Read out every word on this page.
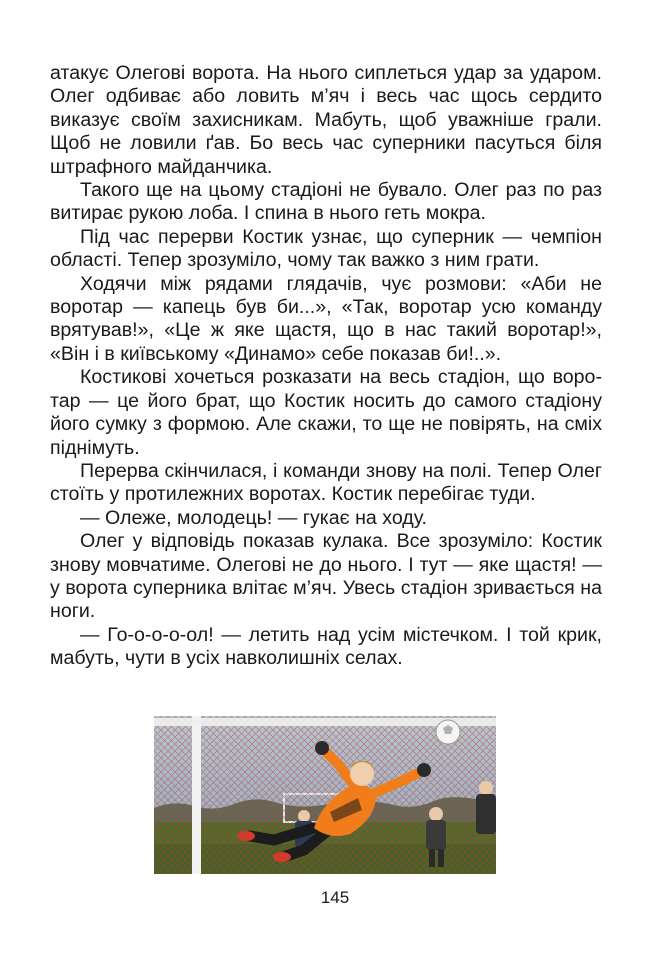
атакує Олегові ворота. На нього сиплеться удар за ударом. Олег одбиває або ловить м’яч і весь час щось сердито виказує своїм захисникам. Мабуть, щоб уважніше грали. Щоб не ловили ґав. Бо весь час суперники пасуться біля штрафного майданчика.

Такого ще на цьому стадіоні не бувало. Олег раз по раз витирає рукою лоба. І спина в нього геть мокра.

Під час перерви Костик узнає, що суперник — чемпіон області. Тепер зрозуміло, чому так важко з ним грати.

Ходячи між рядами глядачів, чує розмови: «Аби не воротар — капець був би...», «Так, воротар усю команду врятував!», «Це ж яке щастя, що в нас такий воротар!», «Він і в київському «Динамо» себе показав би!..».

Костикові хочеться розказати на весь стадіон, що воротар — це його брат, що Костик носить до самого стадіону його сумку з формою. Але скажи, то ще не повірять, на сміх піднімуть.

Перерва скінчилася, і команди знову на полі. Тепер Олег стоїть у протилежних воротах. Костик перебігає туди.

— Олеже, молодець! — гукає на ходу.

Олег у відповідь показав кулака. Все зрозуміло: Костик знову мовчатиме. Олегові не до нього. І тут — яке щастя! — у ворота суперника влітає м’яч. Увесь стадіон зривається на ноги.

— Го-о-о-о-ол! — летить над усім містечком. І той крик, мабуть, чути в усіх навколишніх селах.

145
